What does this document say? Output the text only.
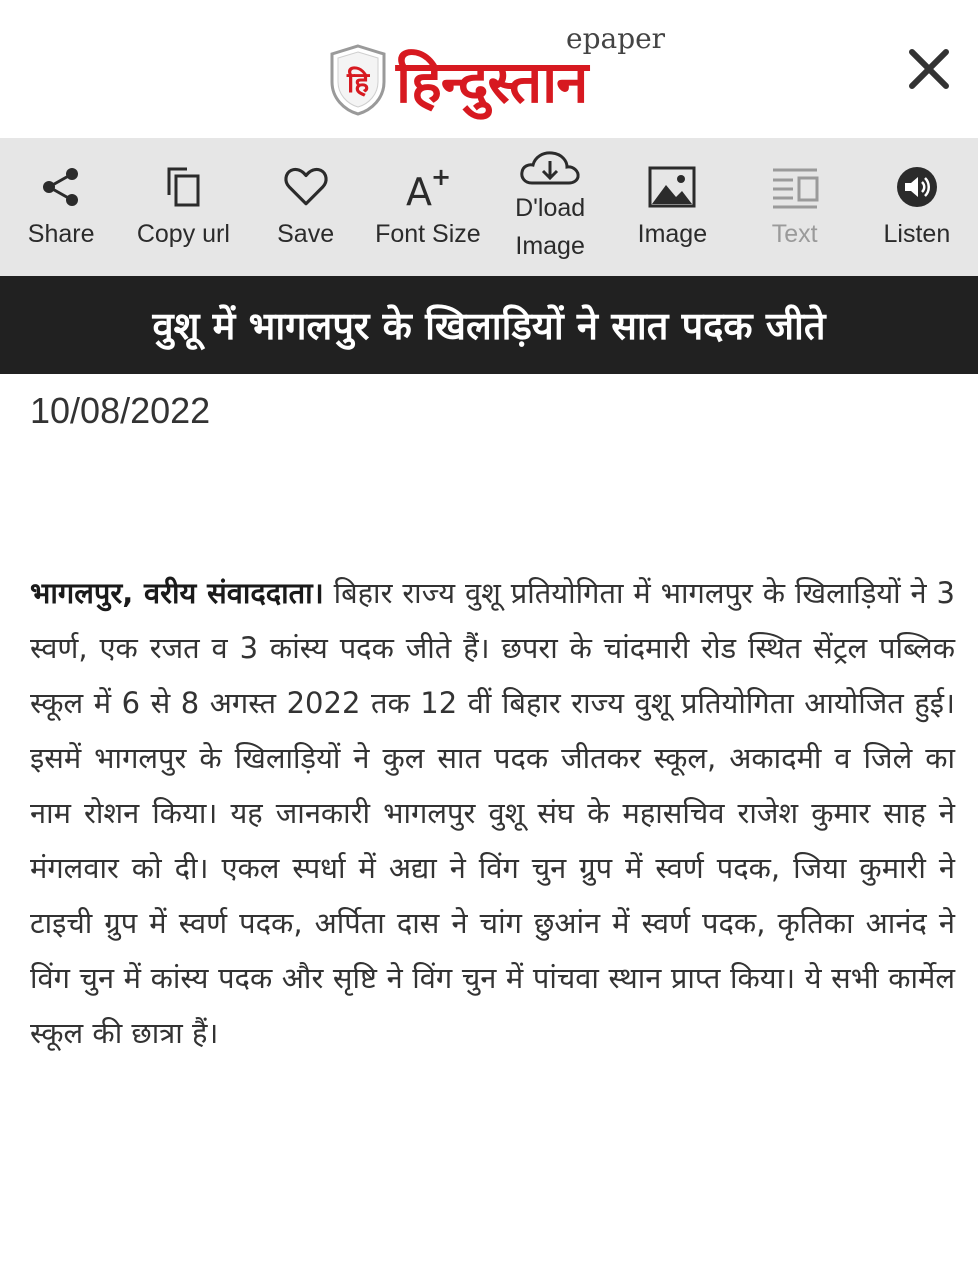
हि
epaper
हिन्दुस्तान
Share Copy url Save
A +
Font Size
D'load
Image Image	Text	Listen
वुशू में भागलपुर के खिलाड़ियों ने सात पदक जीते
10/08/2022

भागलपुर, वरीय संवाददाता। बिहार राज्य वुशू प्रतियोगिता में भागलपुर के खिलाड़ियों ने 3 स्वर्ण, एक रजत व 3 कांस्य पदक जीते हैं। छपरा के चांदमारी रोड स्थित सेंट्रल पब्लिक स्कूल में 6 से 8 अगस्त 2022 तक 12 वीं बिहार राज्य वुशू प्रतियोगिता आयोजित हुई। इसमें भागलपुर के खिलाड़ियों ने कुल सात पदक जीतकर स्कूल, अकादमी व जिले का नाम रोशन किया। यह जानकारी भागलपुर वुशू संघ के महासचिव राजेश कुमार साह ने मंगलवार को दी। एकल स्पर्धा में अद्या ने विंग चुन ग्रुप में स्वर्ण पदक, जिया कुमारी ने टाइची ग्रुप में स्वर्ण पदक, अर्पिता दास ने चांग छुआंन में स्वर्ण पदक, कृतिका आनंद ने विंग चुन में कांस्य पदक और सृष्टि ने विंग चुन में पांचवा स्थान प्राप्त किया। ये सभी कार्मेल स्कूल की छात्रा हैं।
